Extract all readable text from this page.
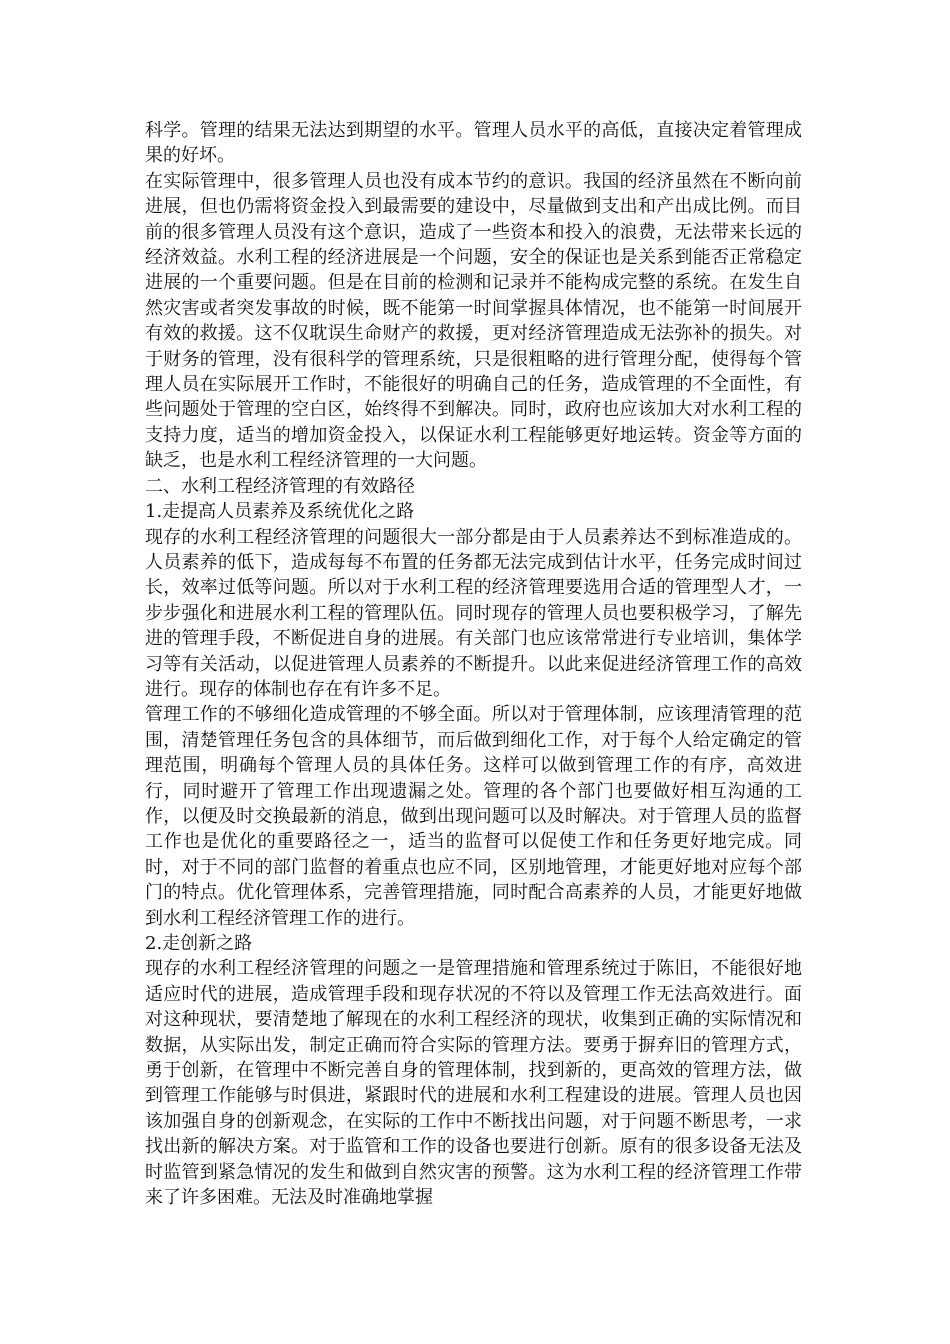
科学。管理的结果无法达到期望的水平。管理人员水平的高低，直接决定着管理成果的好坏。

在实际管理中，很多管理人员也没有成本节约的意识。我国的经济虽然在不断向前进展，但也仍需将资金投入到最需要的建设中，尽量做到支出和产出成比例。而目前的很多管理人员没有这个意识，造成了一些资本和投入的浪费，无法带来长远的经济效益。水利工程的经济进展是一个问题，安全的保证也是关系到能否正常稳定进展的一个重要问题。但是在目前的检测和记录并不能构成完整的系统。在发生自然灾害或者突发事故的时候，既不能第一时间掌握具体情况，也不能第一时间展开有效的救援。这不仅耽误生命财产的救援，更对经济管理造成无法弥补的损失。对于财务的管理，没有很科学的管理系统，只是很粗略的进行管理分配，使得每个管理人员在实际展开工作时，不能很好的明确自己的任务，造成管理的不全面性，有些问题处于管理的空白区，始终得不到解决。同时，政府也应该加大对水利工程的支持力度，适当的增加资金投入，以保证水利工程能够更好地运转。资金等方面的缺乏，也是水利工程经济管理的一大问题。

二、水利工程经济管理的有效路径

1.走提高人员素养及系统优化之路

现存的水利工程经济管理的问题很大一部分都是由于人员素养达不到标准造成的。人员素养的低下，造成每每不布置的任务都无法完成到估计水平，任务完成时间过长，效率过低等问题。所以对于水利工程的经济管理要选用合适的管理型人才，一步步强化和进展水利工程的管理队伍。同时现存的管理人员也要积极学习，了解先进的管理手段，不断促进自身的进展。有关部门也应该常常进行专业培训，集体学习等有关活动，以促进管理人员素养的不断提升。以此来促进经济管理工作的高效进行。现存的体制也存在有许多不足。

管理工作的不够细化造成管理的不够全面。所以对于管理体制，应该理清管理的范围，清楚管理任务包含的具体细节，而后做到细化工作，对于每个人给定确定的管理范围，明确每个管理人员的具体任务。这样可以做到管理工作的有序，高效进行，同时避开了管理工作出现遗漏之处。管理的各个部门也要做好相互沟通的工作，以便及时交换最新的消息，做到出现问题可以及时解决。对于管理人员的监督工作也是优化的重要路径之一，适当的监督可以促使工作和任务更好地完成。同时，对于不同的部门监督的着重点也应不同，区别地管理，才能更好地对应每个部门的特点。优化管理体系，完善管理措施，同时配合高素养的人员，才能更好地做到水利工程经济管理工作的进行。

2.走创新之路

现存的水利工程经济管理的问题之一是管理措施和管理系统过于陈旧，不能很好地适应时代的进展，造成管理手段和现存状况的不符以及管理工作无法高效进行。面对这种现状，要清楚地了解现在的水利工程经济的现状，收集到正确的实际情况和数据，从实际出发，制定正确而符合实际的管理方法。要勇于摒弃旧的管理方式，勇于创新，在管理中不断完善自身的管理体制，找到新的，更高效的管理方法，做到管理工作能够与时俱进，紧跟时代的进展和水利工程建设的进展。管理人员也因该加强自身的创新观念，在实际的工作中不断找出问题，对于问题不断思考，一求找出新的解决方案。对于监管和工作的设备也要进行创新。原有的很多设备无法及时监管到紧急情况的发生和做到自然灾害的预警。这为水利工程的经济管理工作带来了许多困难。无法及时准确地掌握
